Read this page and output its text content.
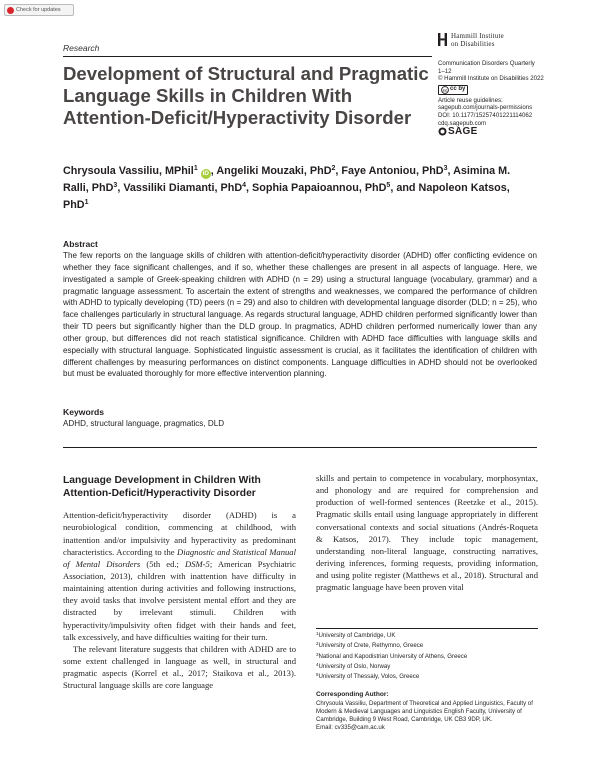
Check for updates
Research
Hammill Institute
on Disabilities
Communication Disorders Quarterly
1–12
© Hammill Institute on Disabilities 2022
cc cc by
Article reuse guidelines:
sagepub.com/journals-permissions
DOI: 10.1177/15257401221114062
cdq.sagepub.com
SAGE
Development of Structural and Pragmatic Language Skills in Children With Attention-Deficit/Hyperactivity Disorder
Chrysoula Vassiliu, MPhil$^1$ iD , Angeliki Mouzaki, PhD$^2$, Faye Antoniou, PhD$^3$, Asimina M. Ralli, PhD$^3$, Vassiliki Diamanti, PhD$^4$, Sophia Papaioannou, PhD$^5$, and Napoleon Katsos, PhD$^1$
Abstract
The few reports on the language skills of children with attention-deficit/hyperactivity disorder (ADHD) offer conflicting evidence on whether they face significant challenges, and if so, whether these challenges are present in all aspects of language. Here, we investigated a sample of Greek-speaking children with ADHD (n = 29) using a structural language (vocabulary, grammar) and a pragmatic language assessment. To ascertain the extent of strengths and weaknesses, we compared the performance of children with ADHD to typically developing (TD) peers (n = 29) and also to children with developmental language disorder (DLD; n = 25), who face challenges particularly in structural language. As regards structural language, ADHD children performed significantly lower than their TD peers but significantly higher than the DLD group. In pragmatics, ADHD children performed numerically lower than any other group, but differences did not reach statistical significance. Children with ADHD face difficulties with language skills and especially with structural language. Sophisticated linguistic assessment is crucial, as it facilitates the identification of children with different challenges by measuring performances on distinct components. Language difficulties in ADHD should not be overlooked but must be evaluated thoroughly for more effective intervention planning.
Keywords
ADHD, structural language, pragmatics, DLD
Language Development in Children With Attention-Deficit/Hyperactivity Disorder

Attention-deficit/hyperactivity disorder (ADHD) is a neurobiological condition, commencing at childhood, with inattention and/or impulsivity and hyperactivity as predominant characteristics. According to the Diagnostic and Statistical Manual of Mental Disorders (5th ed.; DSM-5; American Psychiatric Association, 2013), children with inattention have difficulty in maintaining attention during activities and following instructions, they avoid tasks that involve persistent mental effort and they are distracted by irrelevant stimuli. Children with hyperactivity/impulsivity often fidget with their hands and feet, talk excessively, and have difficulties waiting for their turn.

The relevant literature suggests that children with ADHD are to some extent challenged in language as well, in structural and pragmatic aspects (Korrel et al., 2017; Staikova et al., 2013). Structural language skills are core language

skills and pertain to competence in vocabulary, morphosyntax, and phonology and are required for comprehension and production of well-formed sentences (Reetzke et al., 2015). Pragmatic skills entail using language appropriately in different conversational contexts and social situations (Andrés-Roqueta & Katsos, 2017). They include topic management, understanding non-literal language, constructing narratives, deriving inferences, forming requests, providing information, and using polite register (Matthews et al., 2018). Structural and pragmatic language have been proven vital

$^1$University of Cambridge, UK
$^2$University of Crete, Rethymno, Greece
$^3$National and Kapodistrian University of Athens, Greece
$^4$University of Oslo, Norway
$^5$University of Thessaly, Volos, Greece
Corresponding Author:
Chrysoula Vassiliu, Department of Theoretical and Applied Linguistics, Faculty of Modern & Medieval Languages and Linguistics English Faculty, University of Cambridge, Building 9 West Road, Cambridge, UK CB3 9DP, UK.
Email: cv335@cam.ac.uk
